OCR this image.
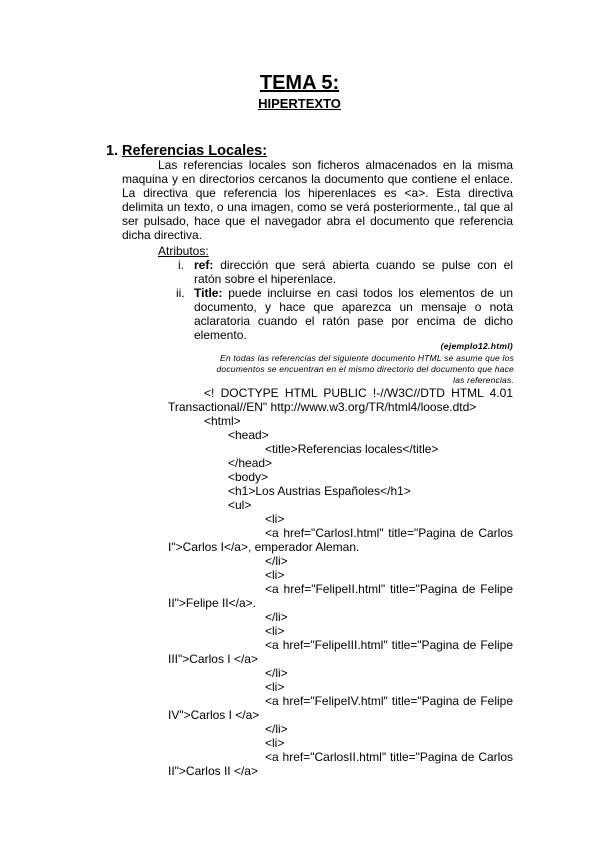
TEMA 5:
HIPERTEXTO
1. Referencias Locales:
Las referencias locales son ficheros almacenados en la misma
maquina y en directorios cercanos la documento que contiene el enlace.
La directiva que referencia los hiperenlaces es <a>. Esta directiva
delimita un texto, o una imagen, como se verá posteriormente., tal que al
ser pulsado, hace que el navegador abra el documento que referencia
dicha directiva.
Atributos:
i. ref: dirección que será abierta cuando se pulse con el
ratón sobre el hiperenlace.
ii. Title: puede incluirse en casi todos los elementos de un
documento, y hace que aparezca un mensaje o nota
aclaratoria cuando el ratón pase por encima de dicho
elemento.
(ejemplo12.html)
En todas las referencias del siguiente documento HTML se asume que los
documentos se encuentran en el mismo directorio del documento que hace
las referencias.
<! DOCTYPE HTML PUBLIC !-//W3C//DTD HTML 4.01
Transactional//EN" http://www.w3.org/TR/html4/loose.dtd>
<html>
<head>
<title>Referencias locales</title>
</head>
<body>
<h1>Los Austrias Españoles</h1>
<ul>
<li>
<a href="CarlosI.html" title="Pagina de Carlos
I">Carlos I</a>, emperador Aleman.
</li>
<li>
<a href="FelipeII.html" title="Pagina de Felipe
II">Felipe II</a>.
</li>
<li>
<a href="FelipeIII.html" title="Pagina de Felipe
III">Carlos I </a>
</li>
<li>
<a href="FelipeIV.html" title="Pagina de Felipe
IV">Carlos I </a>
</li>
<li>
<a href="CarlosII.html" title="Pagina de Carlos
II">Carlos II </a>
